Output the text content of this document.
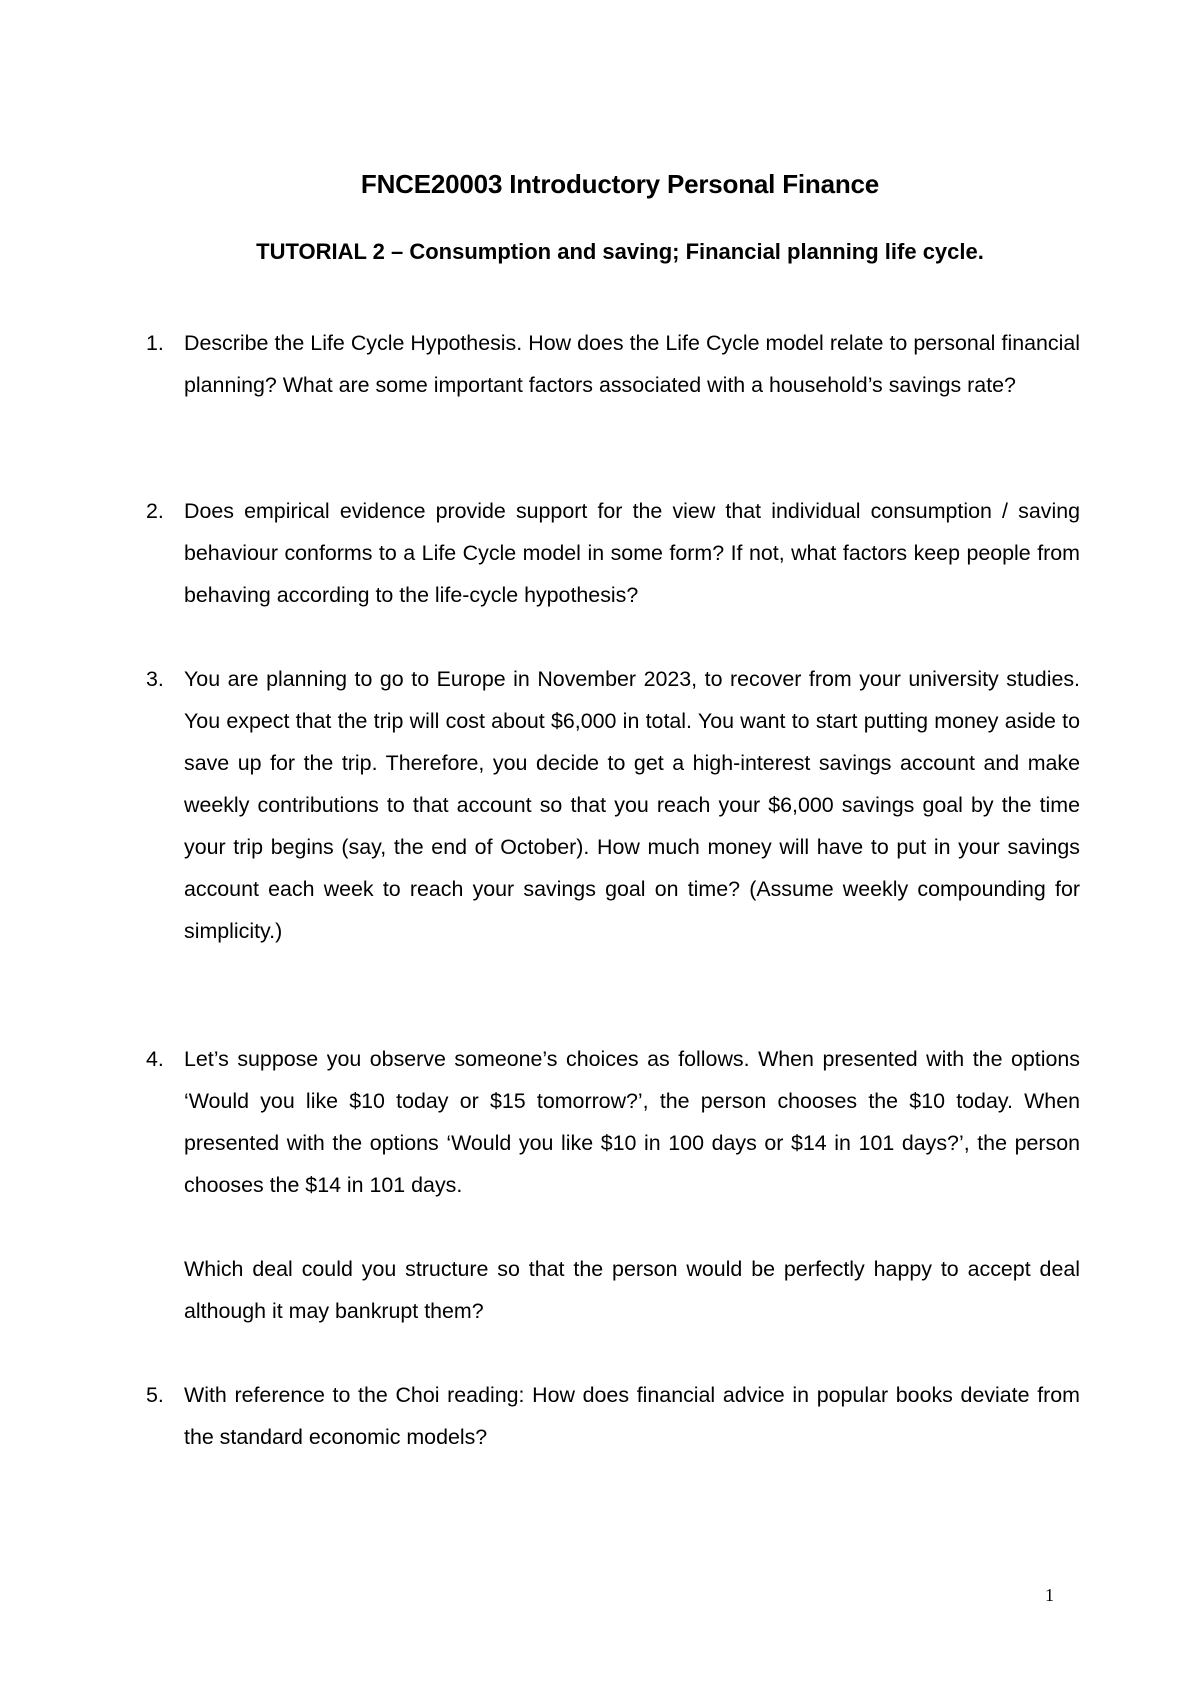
FNCE20003 Introductory Personal Finance
TUTORIAL 2 – Consumption and saving; Financial planning life cycle.
1. Describe the Life Cycle Hypothesis. How does the Life Cycle model relate to personal financial planning? What are some important factors associated with a household’s savings rate?

2. Does empirical evidence provide support for the view that individual consumption / saving behaviour conforms to a Life Cycle model in some form? If not, what factors keep people from behaving according to the life-cycle hypothesis?

3. You are planning to go to Europe in November 2023, to recover from your university studies. You expect that the trip will cost about $6,000 in total. You want to start putting money aside to save up for the trip. Therefore, you decide to get a high-interest savings account and make weekly contributions to that account so that you reach your $6,000 savings goal by the time your trip begins (say, the end of October). How much money will have to put in your savings account each week to reach your savings goal on time? (Assume weekly compounding for simplicity.)

4. Let’s suppose you observe someone’s choices as follows. When presented with the options ‘Would you like $10 today or $15 tomorrow?’, the person chooses the $10 today. When presented with the options ‘Would you like $10 in 100 days or $14 in 101 days?’, the person chooses the $14 in 101 days.

Which deal could you structure so that the person would be perfectly happy to accept deal although it may bankrupt them?

5. With reference to the Choi reading: How does financial advice in popular books deviate from the standard economic models?

1
